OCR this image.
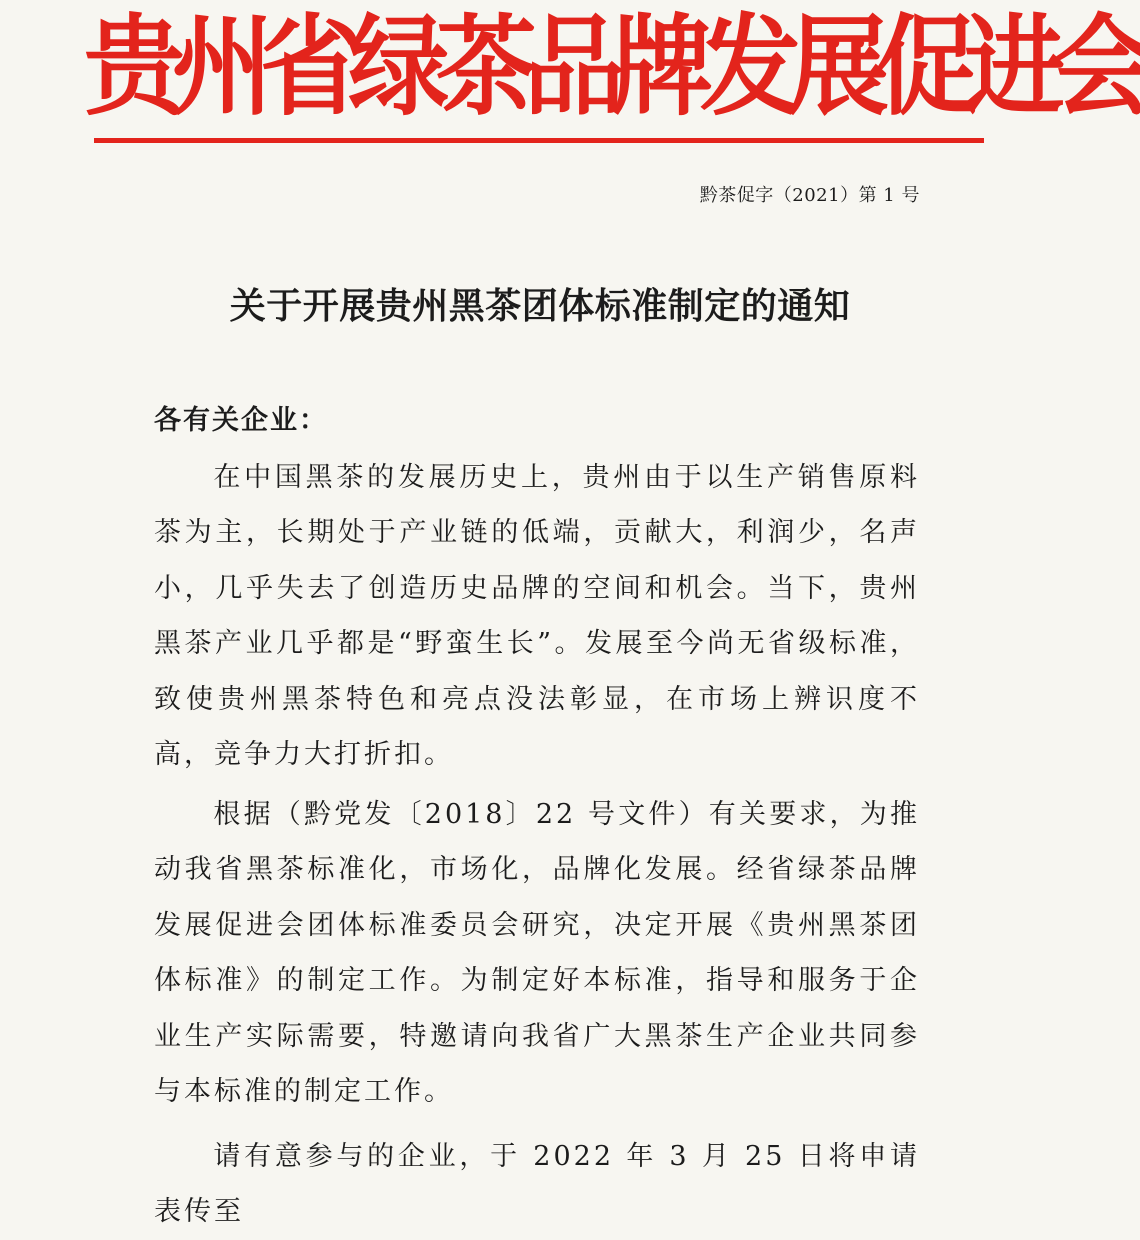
贵州省绿茶品牌发展促进会
黔茶促字（2021）第 1 号
关于开展贵州黑茶团体标准制定的通知
各有关企业：

在中国黑茶的发展历史上，贵州由于以生产销售原料茶为主，长期处于产业链的低端，贡献大，利润少，名声小，几乎失去了创造历史品牌的空间和机会。当下，贵州黑茶产业几乎都是“野蛮生长”。发展至今尚无省级标准，致使贵州黑茶特色和亮点没法彰显，在市场上辨识度不高，竞争力大打折扣。

根据（黔党发〔2018〕22 号文件）有关要求，为推动我省黑茶标准化，市场化，品牌化发展。经省绿茶品牌发展促进会团体标准委员会研究，决定开展《贵州黑茶团体标准》的制定工作。为制定好本标准，指导和服务于企业生产实际需要，特邀请向我省广大黑茶生产企业共同参与本标准的制定工作。

请有意参与的企业，于 2022 年 3 月 25 日将申请表传至
